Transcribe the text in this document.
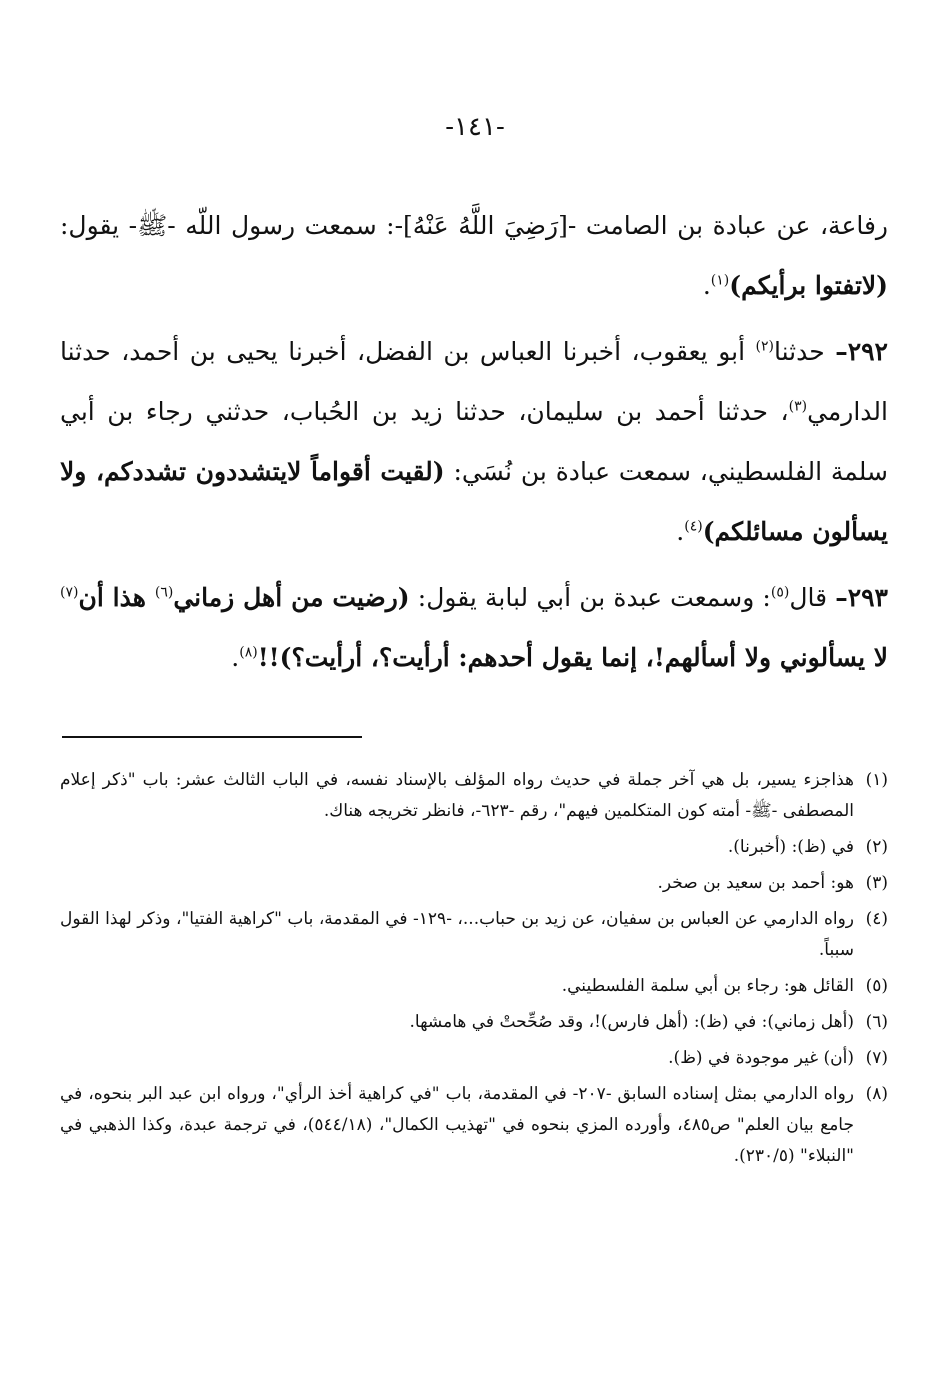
-١٤١-

رفاعة، عن عبادة بن الصامت -[رَضِيَ اللَّهُ عَنْهُ]-: سمعت رسول اللّه -ﷺ- يقول: (لاتفتوا برأيكم)$^{(١)}$.

٢٩٢– حدثنا$^{(٢)}$ أبو يعقوب، أخبرنا العباس بن الفضل، أخبرنا يحيى بن أحمد، حدثنا الدارمي$^{(٣)}$، حدثنا أحمد بن سليمان، حدثنا زيد بن الحُباب، حدثني رجاء بن أبي سلمة الفلسطيني، سمعت عبادة بن نُسَي: (لقيت أقواماً لايتشددون تشددكم، ولا يسألون مسائلكم)$^{(٤)}$.

٢٩٣– قال$^{(٥)}$: وسمعت عبدة بن أبي لبابة يقول: (رضيت من أهل زماني$^{(٦)}$ هذا أن$^{(٧)}$ لا يسألوني ولا أسألهم!، إنما يقول أحدهم: أرأيت؟، أرأيت؟)!!$^{(٨)}$.

(١)
هذاجزء يسير، بل هي آخر جملة في حديث رواه المؤلف بالإسناد نفسه، في الباب الثالث عشر: باب "ذكر إعلام المصطفى -ﷺ- أمته كون المتكلمين فيهم"، رقم -٦٢٣-، فانظر تخريجه هناك.
(٢)
في (ظ): (أخبرنا).
(٣)
هو: أحمد بن سعيد بن صخر.
(٤)
رواه الدارمي عن العباس بن سفيان، عن زيد بن حباب...، -١٢٩- في المقدمة، باب "كراهية الفتيا"، وذكر لهذا القول سبباً.
(٥)
القائل هو: رجاء بن أبي سلمة الفلسطيني.
(٦)
(أهل زماني): في (ظ): (أهل فارس)!، وقد صُحِّحتْ في هامشها.
(٧)
(أن) غير موجودة في (ظ).
(٨)
رواه الدارمي بمثل إسناده السابق -٢٠٧- في المقدمة، باب "في كراهية أخذ الرأي"، ورواه ابن عبد البر بنحوه، في جامع بيان العلم" ص٤٨٥، وأورده المزي بنحوه في "تهذيب الكمال"، (٥٤٤/١٨)، في ترجمة عبدة، وكذا الذهبي في "النبلاء" (٢٣٠/٥).
